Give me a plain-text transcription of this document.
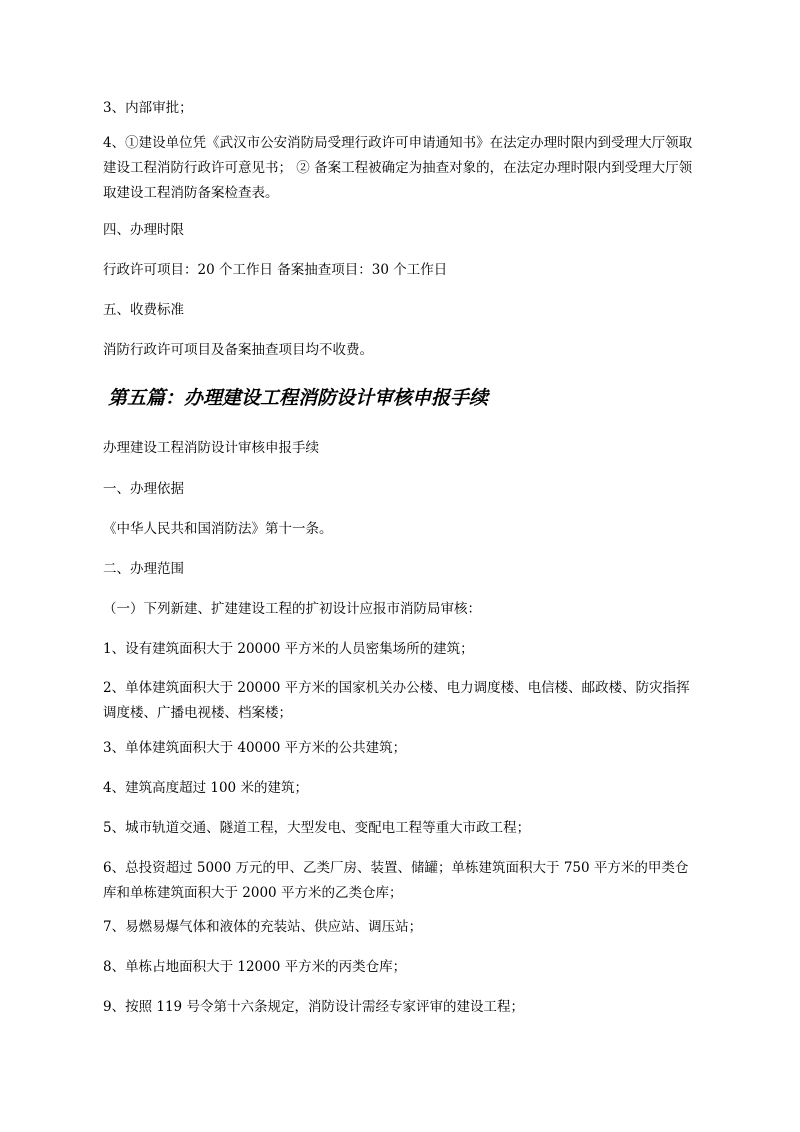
3、内部审批；

4、①建设单位凭《武汉市公安消防局受理行政许可申请通知书》在法定办理时限内到受理大厅领取建设工程消防行政许可意见书； ② 备案工程被确定为抽查对象的，在法定办理时限内到受理大厅领取建设工程消防备案检查表。

四、办理时限

行政许可项目：20 个工作日 备案抽查项目：30 个工作日

五、收费标准

消防行政许可项目及备案抽查项目均不收费。

第五篇：办理建设工程消防设计审核申报手续

办理建设工程消防设计审核申报手续

一、办理依据

《中华人民共和国消防法》第十一条。

二、办理范围

（一）下列新建、扩建建设工程的扩初设计应报市消防局审核：

1、设有建筑面积大于 20000 平方米的人员密集场所的建筑；

2、单体建筑面积大于 20000 平方米的国家机关办公楼、电力调度楼、电信楼、邮政楼、防灾指挥调度楼、广播电视楼、档案楼；

3、单体建筑面积大于 40000 平方米的公共建筑；

4、建筑高度超过 100 米的建筑；

5、城市轨道交通、隧道工程，大型发电、变配电工程等重大市政工程；

6、总投资超过 5000 万元的甲、乙类厂房、装置、储罐；单栋建筑面积大于 750 平方米的甲类仓库和单栋建筑面积大于 2000 平方米的乙类仓库；

7、易燃易爆气体和液体的充装站、供应站、调压站；

8、单栋占地面积大于 12000 平方米的丙类仓库；

9、按照 119 号令第十六条规定，消防设计需经专家评审的建设工程；
